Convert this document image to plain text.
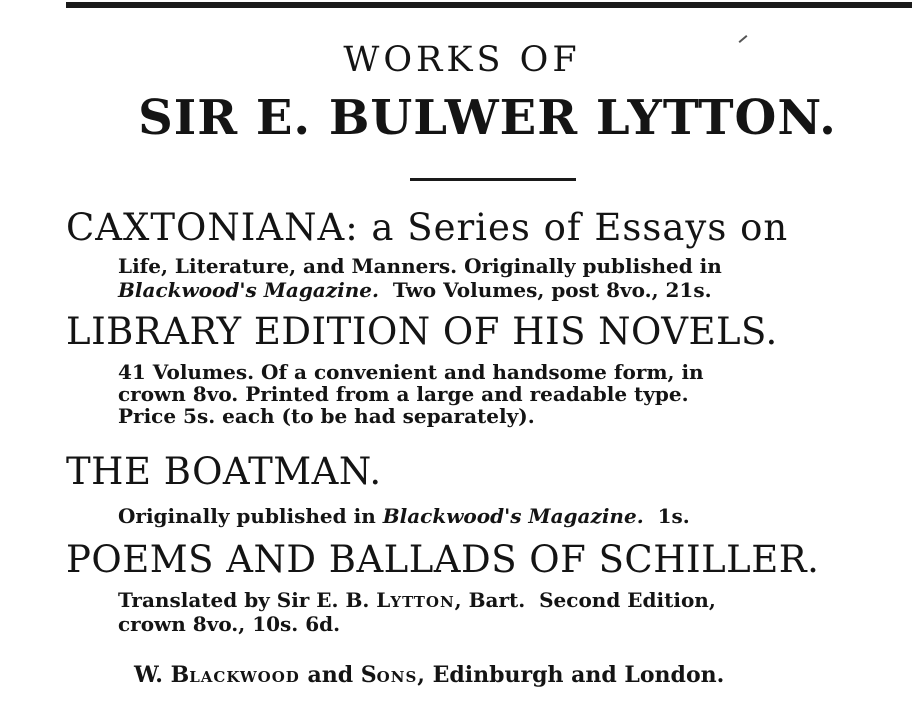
WORKS OF
SIR E. BULWER LYTTON.
CAXTONIANA: a Series of Essays on
Life, Literature, and Manners. Originally published in
Blackwood's Magazine.  Two Volumes, post 8vo., 21s.
LIBRARY EDITION OF HIS NOVELS.
41 Volumes. Of a convenient and handsome form, in
crown 8vo. Printed from a large and readable type.
Price 5s. each (to be had separately).
THE BOATMAN.
Originally published in Blackwood's Magazine.  1s.
POEMS AND BALLADS OF SCHILLER.
Translated by Sir E. B. LYTTON, Bart.  Second Edition,
crown 8vo., 10s. 6d.
W. BLACKWOOD and SONS, Edinburgh and London.
